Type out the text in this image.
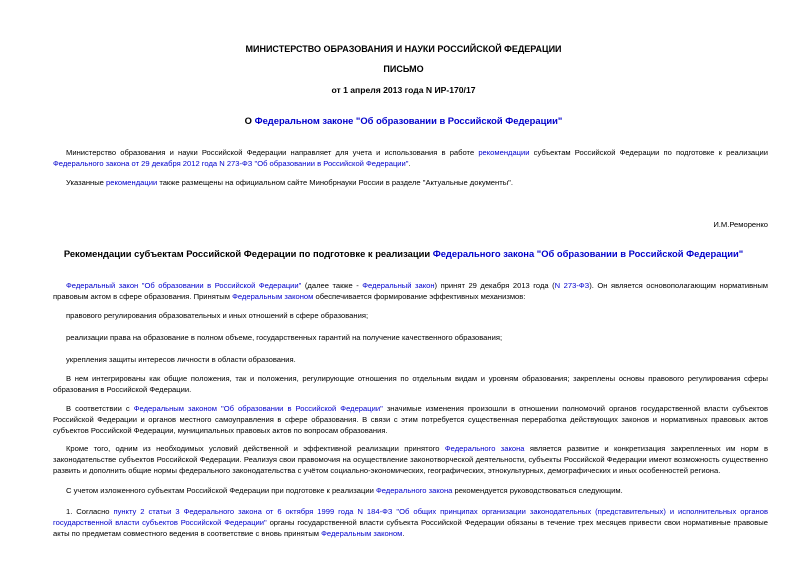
МИНИСТЕРСТВО ОБРАЗОВАНИЯ И НАУКИ РОССИЙСКОЙ ФЕДЕРАЦИИ
ПИСЬМО
от 1 апреля 2013 года N ИР-170/17
О Федеральном законе "Об образовании в Российской Федерации"
Министерство образования и науки Российской Федерации направляет для учета и использования в работе рекомендации субъектам Российской Федерации по подготовке к реализации Федерального закона от 29 декабря 2012 года N 273-ФЗ "Об образовании в Российской Федерации".
Указанные рекомендации также размещены на официальном сайте Минобрнауки России в разделе "Актуальные документы".
И.М.Реморенко
Рекомендации субъектам Российской Федерации по подготовке к реализации Федерального закона "Об образовании в Российской Федерации"
Федеральный закон "Об образовании в Российской Федерации" (далее также - Федеральный закон) принят 29 декабря 2013 года (N 273-ФЗ). Он является основополагающим нормативным правовым актом в сфере образования. Принятым Федеральным законом обеспечивается формирование эффективных механизмов:
правового регулирования образовательных и иных отношений в сфере образования;
реализации права на образование в полном объеме, государственных гарантий на получение качественного образования;
укрепления защиты интересов личности в области образования.
В нем интегрированы как общие положения, так и положения, регулирующие отношения по отдельным видам и уровням образования; закреплены основы правового регулирования сферы образования в Российской Федерации.
В соответствии с Федеральным законом "Об образовании в Российской Федерации" значимые изменения произошли в отношении полномочий органов государственной власти субъектов Российской Федерации и органов местного самоуправления в сфере образования. В связи с этим потребуется существенная переработка действующих законов и нормативных правовых актов субъектов Российской Федерации, муниципальных правовых актов по вопросам образования.
Кроме того, одним из необходимых условий действенной и эффективной реализации принятого Федерального закона является развитие и конкретизация закрепленных им норм в законодательстве субъектов Российской Федерации. Реализуя свои правомочия на осуществление законотворческой деятельности, субъекты Российской Федерации имеют возможность существенно развить и дополнить общие нормы федерального законодательства с учётом социально-экономических, географических, этнокультурных, демографических и иных особенностей региона.
С учетом изложенного субъектам Российской Федерации при подготовке к реализации Федерального закона рекомендуется руководствоваться следующим.
1. Согласно пункту 2 статьи 3 Федерального закона от 6 октября 1999 года N 184-ФЗ "Об общих принципах организации законодательных (представительных) и исполнительных органов государственной власти субъектов Российской Федерации" органы государственной власти субъекта Российской Федерации обязаны в течение трех месяцев привести свои нормативные правовые акты по предметам совместного ведения в соответствие с вновь принятым Федеральным законом.
